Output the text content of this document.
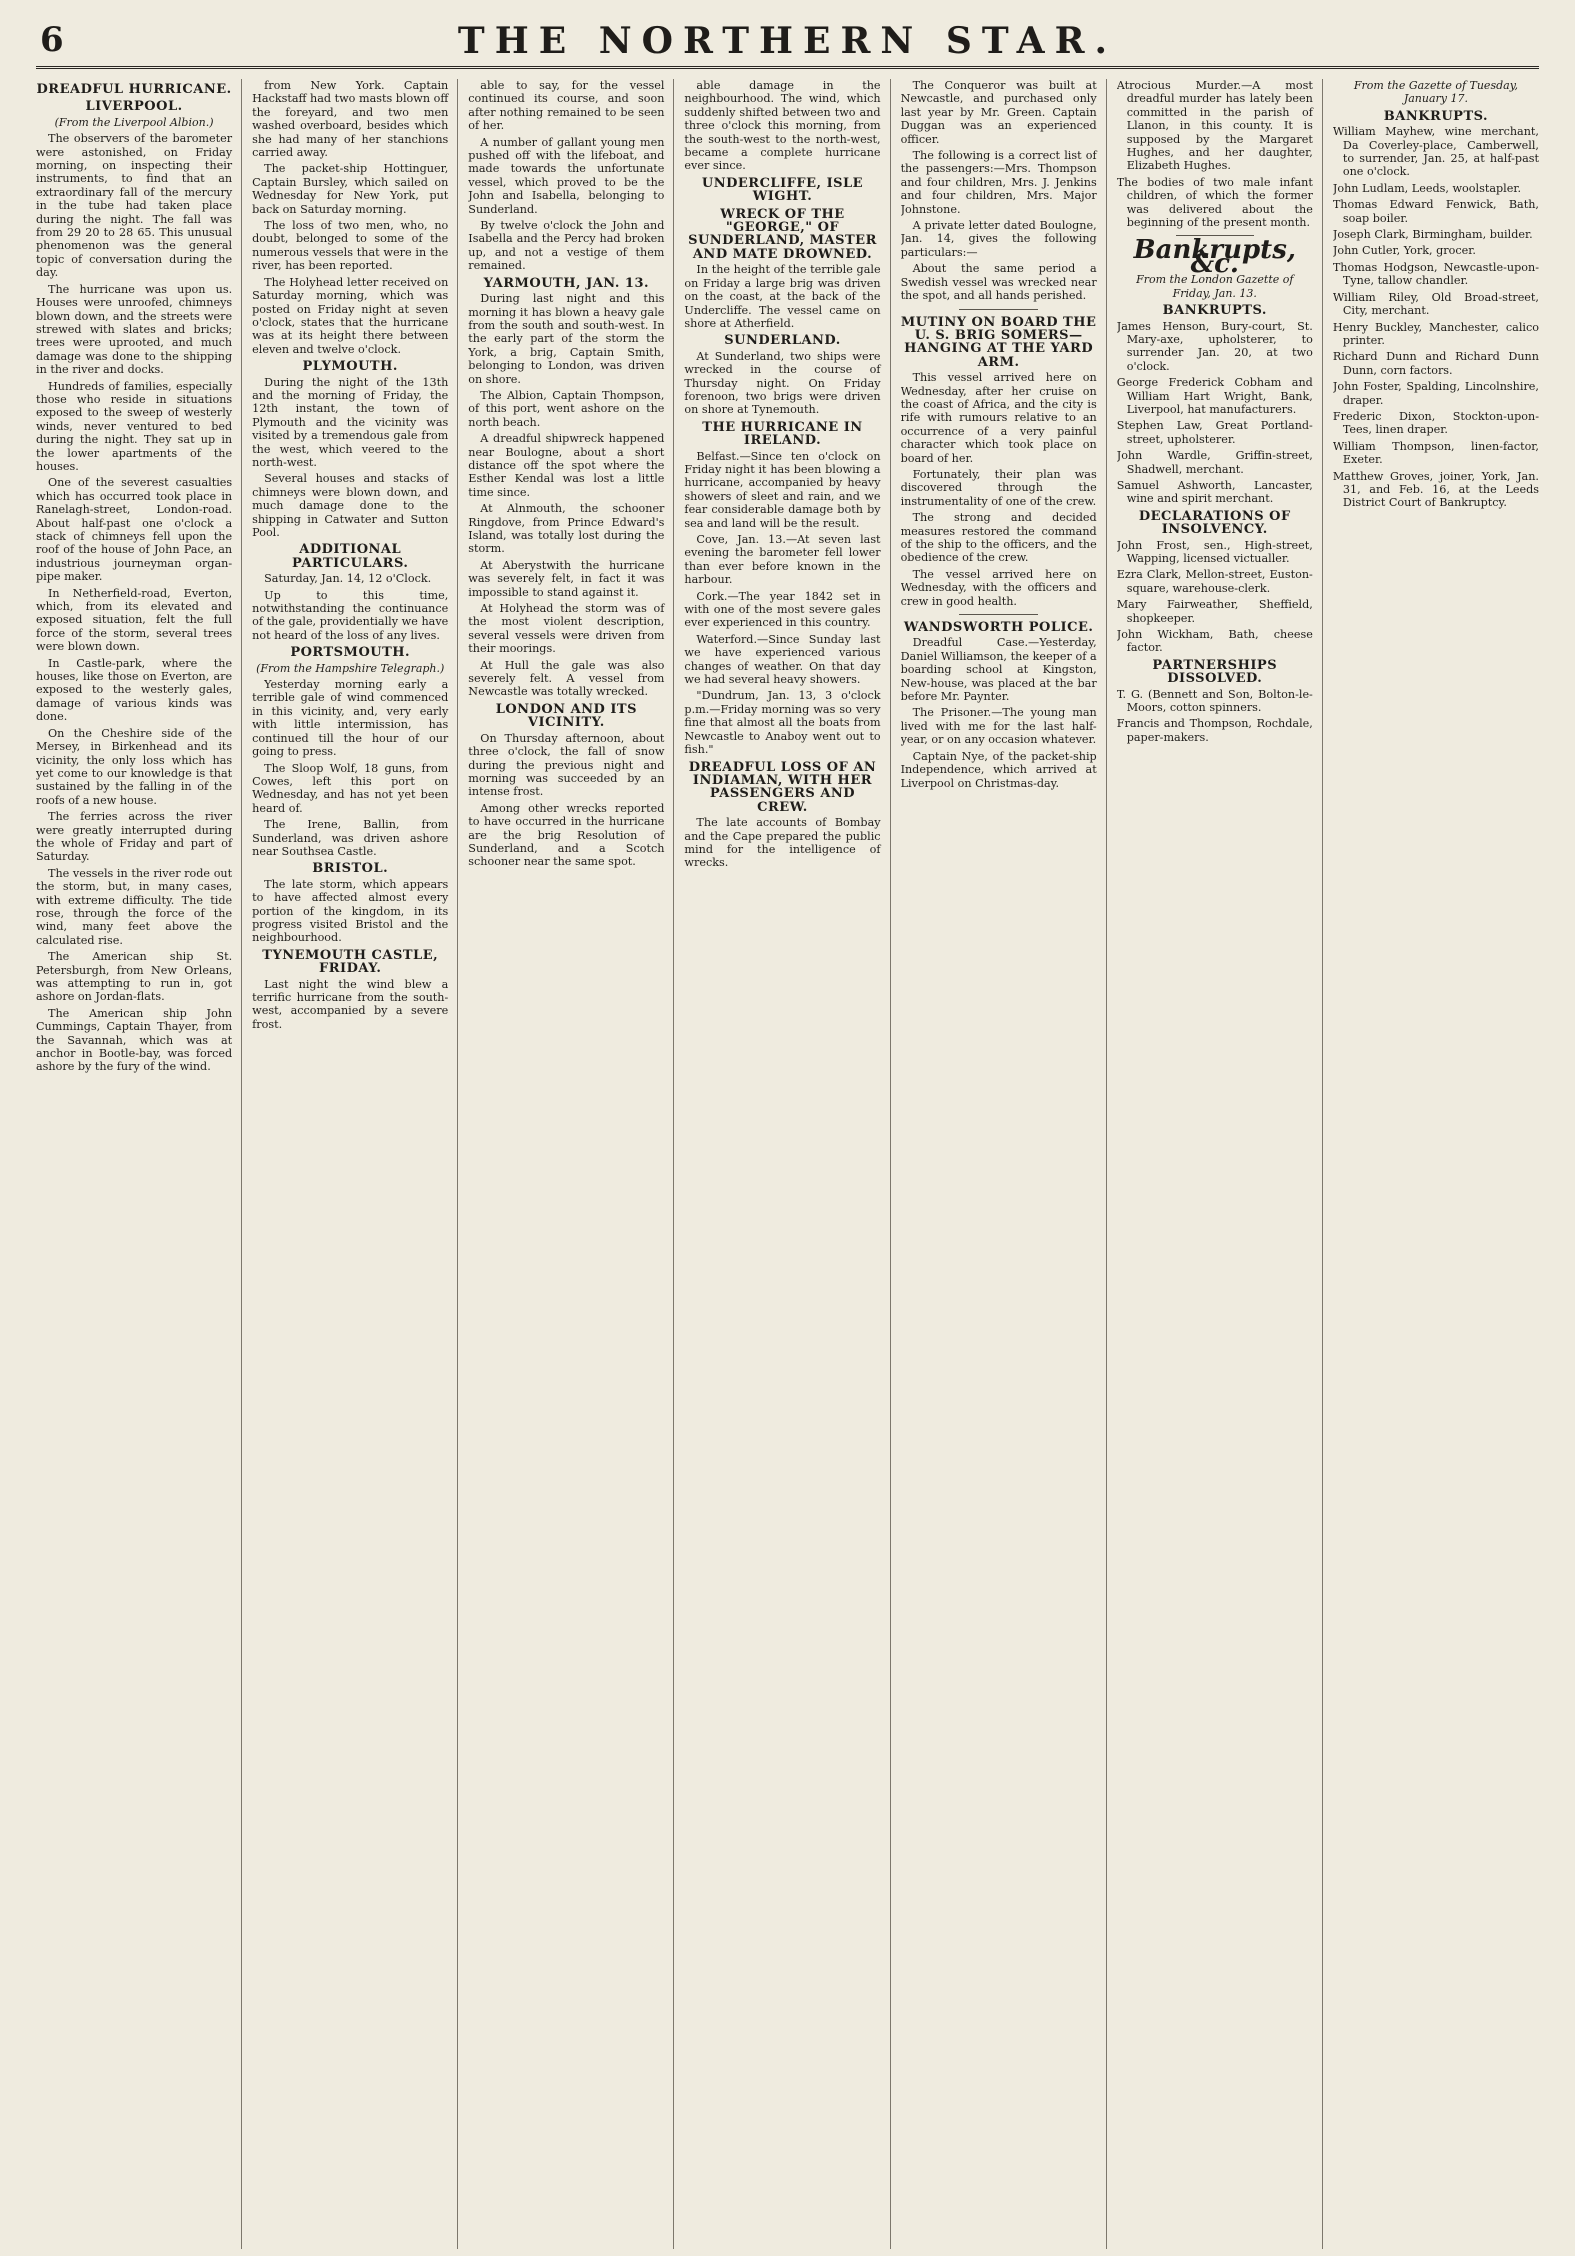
6	THE NORTHERN STAR.
DREADFUL HURRICANE.
LIVERPOOL.
(From the Liverpool Albion.)

The observers of the barometer were astonished, on Friday morning, on inspecting their instruments, to find that an extraordinary fall of the mercury in the tube had taken place during the night. The fall was from 29 20 to 28 65. This unusual phenomenon was the general topic of conversation during the day.

The hurricane was upon us. Houses were unroofed, chimneys blown down, and the streets were strewed with slates and bricks; trees were uprooted, and much damage was done to the shipping in the river and docks.

Hundreds of families, especially those who reside in situations exposed to the sweep of westerly winds, never ventured to bed during the night. They sat up in the lower apartments of the houses.

One of the severest casualties which has occurred took place in Ranelagh-street, London-road. About half-past one o'clock a stack of chimneys fell upon the roof of the house of John Pace, an industrious journeyman organ-pipe maker.

In Netherfield-road, Everton, which, from its elevated and exposed situation, felt the full force of the storm, several trees were blown down.

In Castle-park, where the houses, like those on Everton, are exposed to the westerly gales, damage of various kinds was done.

On the Cheshire side of the Mersey, in Birkenhead and its vicinity, the only loss which has yet come to our knowledge is that sustained by the falling in of the roofs of a new house.

The ferries across the river were greatly interrupted during the whole of Friday and part of Saturday.

The vessels in the river rode out the storm, but, in many cases, with extreme difficulty. The tide rose, through the force of the wind, many feet above the calculated rise.

The American ship St. Petersburgh, from New Orleans, was attempting to run in, got ashore on Jordan-flats.

The American ship John Cummings, Captain Thayer, from the Savannah, which was at anchor in Bootle-bay, was forced ashore by the fury of the wind.

from New York. Captain Hackstaff had two masts blown off the foreyard, and two men washed overboard, besides which she had many of her stanchions carried away.

The packet-ship Hottinguer, Captain Bursley, which sailed on Wednesday for New York, put back on Saturday morning.

The loss of two men, who, no doubt, belonged to some of the numerous vessels that were in the river, has been reported.

The Holyhead letter received on Saturday morning, which was posted on Friday night at seven o'clock, states that the hurricane was at its height there between eleven and twelve o'clock.

PLYMOUTH.

During the night of the 13th and the morning of Friday, the 12th instant, the town of Plymouth and the vicinity was visited by a tremendous gale from the west, which veered to the north-west.

Several houses and stacks of chimneys were blown down, and much damage done to the shipping in Catwater and Sutton Pool.

ADDITIONAL PARTICULARS.

Saturday, Jan. 14, 12 o'Clock.

Up to this time, notwithstanding the continuance of the gale, providentially we have not heard of the loss of any lives.

PORTSMOUTH.
(From the Hampshire Telegraph.)

Yesterday morning early a terrible gale of wind commenced in this vicinity, and, very early with little intermission, has continued till the hour of our going to press.

The Sloop Wolf, 18 guns, from Cowes, left this port on Wednesday, and has not yet been heard of.

The Irene, Ballin, from Sunderland, was driven ashore near Southsea Castle.

BRISTOL.

The late storm, which appears to have affected almost every portion of the kingdom, in its progress visited Bristol and the neighbourhood.

TYNEMOUTH CASTLE, FRIDAY.

Last night the wind blew a terrific hurricane from the south-west, accompanied by a severe frost.

able to say, for the vessel continued its course, and soon after nothing remained to be seen of her.

A number of gallant young men pushed off with the lifeboat, and made towards the unfortunate vessel, which proved to be the John and Isabella, belonging to Sunderland.

By twelve o'clock the John and Isabella and the Percy had broken up, and not a vestige of them remained.

YARMOUTH, JAN. 13.

During last night and this morning it has blown a heavy gale from the south and south-west. In the early part of the storm the York, a brig, Captain Smith, belonging to London, was driven on shore.

The Albion, Captain Thompson, of this port, went ashore on the north beach.

A dreadful shipwreck happened near Boulogne, about a short distance off the spot where the Esther Kendal was lost a little time since.

At Alnmouth, the schooner Ringdove, from Prince Edward's Island, was totally lost during the storm.

At Aberystwith the hurricane was severely felt, in fact it was impossible to stand against it.

At Holyhead the storm was of the most violent description, several vessels were driven from their moorings.

At Hull the gale was also severely felt. A vessel from Newcastle was totally wrecked.

LONDON AND ITS VICINITY.

On Thursday afternoon, about three o'clock, the fall of snow during the previous night and morning was succeeded by an intense frost.

Among other wrecks reported to have occurred in the hurricane are the brig Resolution of Sunderland, and a Scotch schooner near the same spot.

able damage in the neighbourhood. The wind, which suddenly shifted between two and three o'clock this morning, from the south-west to the north-west, became a complete hurricane ever since.

UNDERCLIFFE, ISLE WIGHT.
WRECK OF THE "GEORGE," OF SUNDERLAND, MASTER AND MATE DROWNED.

In the height of the terrible gale on Friday a large brig was driven on the coast, at the back of the Undercliffe. The vessel came on shore at Atherfield.

SUNDERLAND.

At Sunderland, two ships were wrecked in the course of Thursday night. On Friday forenoon, two brigs were driven on shore at Tynemouth.

THE HURRICANE IN IRELAND.

Belfast.—Since ten o'clock on Friday night it has been blowing a hurricane, accompanied by heavy showers of sleet and rain, and we fear considerable damage both by sea and land will be the result.

Cove, Jan. 13.—At seven last evening the barometer fell lower than ever before known in the harbour.

Cork.—The year 1842 set in with one of the most severe gales ever experienced in this country.

Waterford.—Since Sunday last we have experienced various changes of weather. On that day we had several heavy showers.

"Dundrum, Jan. 13, 3 o'clock p.m.—Friday morning was so very fine that almost all the boats from Newcastle to Anaboy went out to fish."

DREADFUL LOSS OF AN INDIAMAN, WITH HER PASSENGERS AND CREW.

The late accounts of Bombay and the Cape prepared the public mind for the intelligence of wrecks.

The Conqueror was built at Newcastle, and purchased only last year by Mr. Green. Captain Duggan was an experienced officer.

The following is a correct list of the passengers:—Mrs. Thompson and four children, Mrs. J. Jenkins and four children, Mrs. Major Johnstone.

A private letter dated Boulogne, Jan. 14, gives the following particulars:—

About the same period a Swedish vessel was wrecked near the spot, and all hands perished.

MUTINY ON BOARD THE U. S. BRIG SOMERS—HANGING AT THE YARD ARM.

This vessel arrived here on Wednesday, after her cruise on the coast of Africa, and the city is rife with rumours relative to an occurrence of a very painful character which took place on board of her.

Fortunately, their plan was discovered through the instrumentality of one of the crew.

The strong and decided measures restored the command of the ship to the officers, and the obedience of the crew.

The vessel arrived here on Wednesday, with the officers and crew in good health.

WANDSWORTH POLICE.

Dreadful Case.—Yesterday, Daniel Williamson, the keeper of a boarding school at Kingston, New-house, was placed at the bar before Mr. Paynter.

The Prisoner.—The young man lived with me for the last half-year, or on any occasion whatever.

Captain Nye, of the packet-ship Independence, which arrived at Liverpool on Christmas-day.

Atrocious Murder.—A most dreadful murder has lately been committed in the parish of Llanon, in this county. It is supposed by the Margaret Hughes, and her daughter, Elizabeth Hughes.

The bodies of two male infant children, of which the former was delivered about the beginning of the present month.

Bankrupts, &c.
From the London Gazette of Friday, Jan. 13.
BANKRUPTS.

James Henson, Bury-court, St. Mary-axe, upholsterer, to surrender Jan. 20, at two o'clock.

George Frederick Cobham and William Hart Wright, Bank, Liverpool, hat manufacturers.

Stephen Law, Great Portland-street, upholsterer.

John Wardle, Griffin-street, Shadwell, merchant.

Samuel Ashworth, Lancaster, wine and spirit merchant.

DECLARATIONS OF INSOLVENCY.

John Frost, sen., High-street, Wapping, licensed victualler.

Ezra Clark, Mellon-street, Euston-square, warehouse-clerk.

Mary Fairweather, Sheffield, shopkeeper.

John Wickham, Bath, cheese factor.

PARTNERSHIPS DISSOLVED.

T. G. (Bennett and Son, Bolton-le-Moors, cotton spinners.

Francis and Thompson, Rochdale, paper-makers.

From the Gazette of Tuesday, January 17.
BANKRUPTS.

William Mayhew, wine merchant, Da Coverley-place, Camberwell, to surrender, Jan. 25, at half-past one o'clock.

John Ludlam, Leeds, woolstapler.

Thomas Edward Fenwick, Bath, soap boiler.

Joseph Clark, Birmingham, builder.

John Cutler, York, grocer.

Thomas Hodgson, Newcastle-upon-Tyne, tallow chandler.

William Riley, Old Broad-street, City, merchant.

Henry Buckley, Manchester, calico printer.

Richard Dunn and Richard Dunn Dunn, corn factors.

John Foster, Spalding, Lincolnshire, draper.

Frederic Dixon, Stockton-upon-Tees, linen draper.

William Thompson, linen-factor, Exeter.

Matthew Groves, joiner, York, Jan. 31, and Feb. 16, at the Leeds District Court of Bankruptcy.
